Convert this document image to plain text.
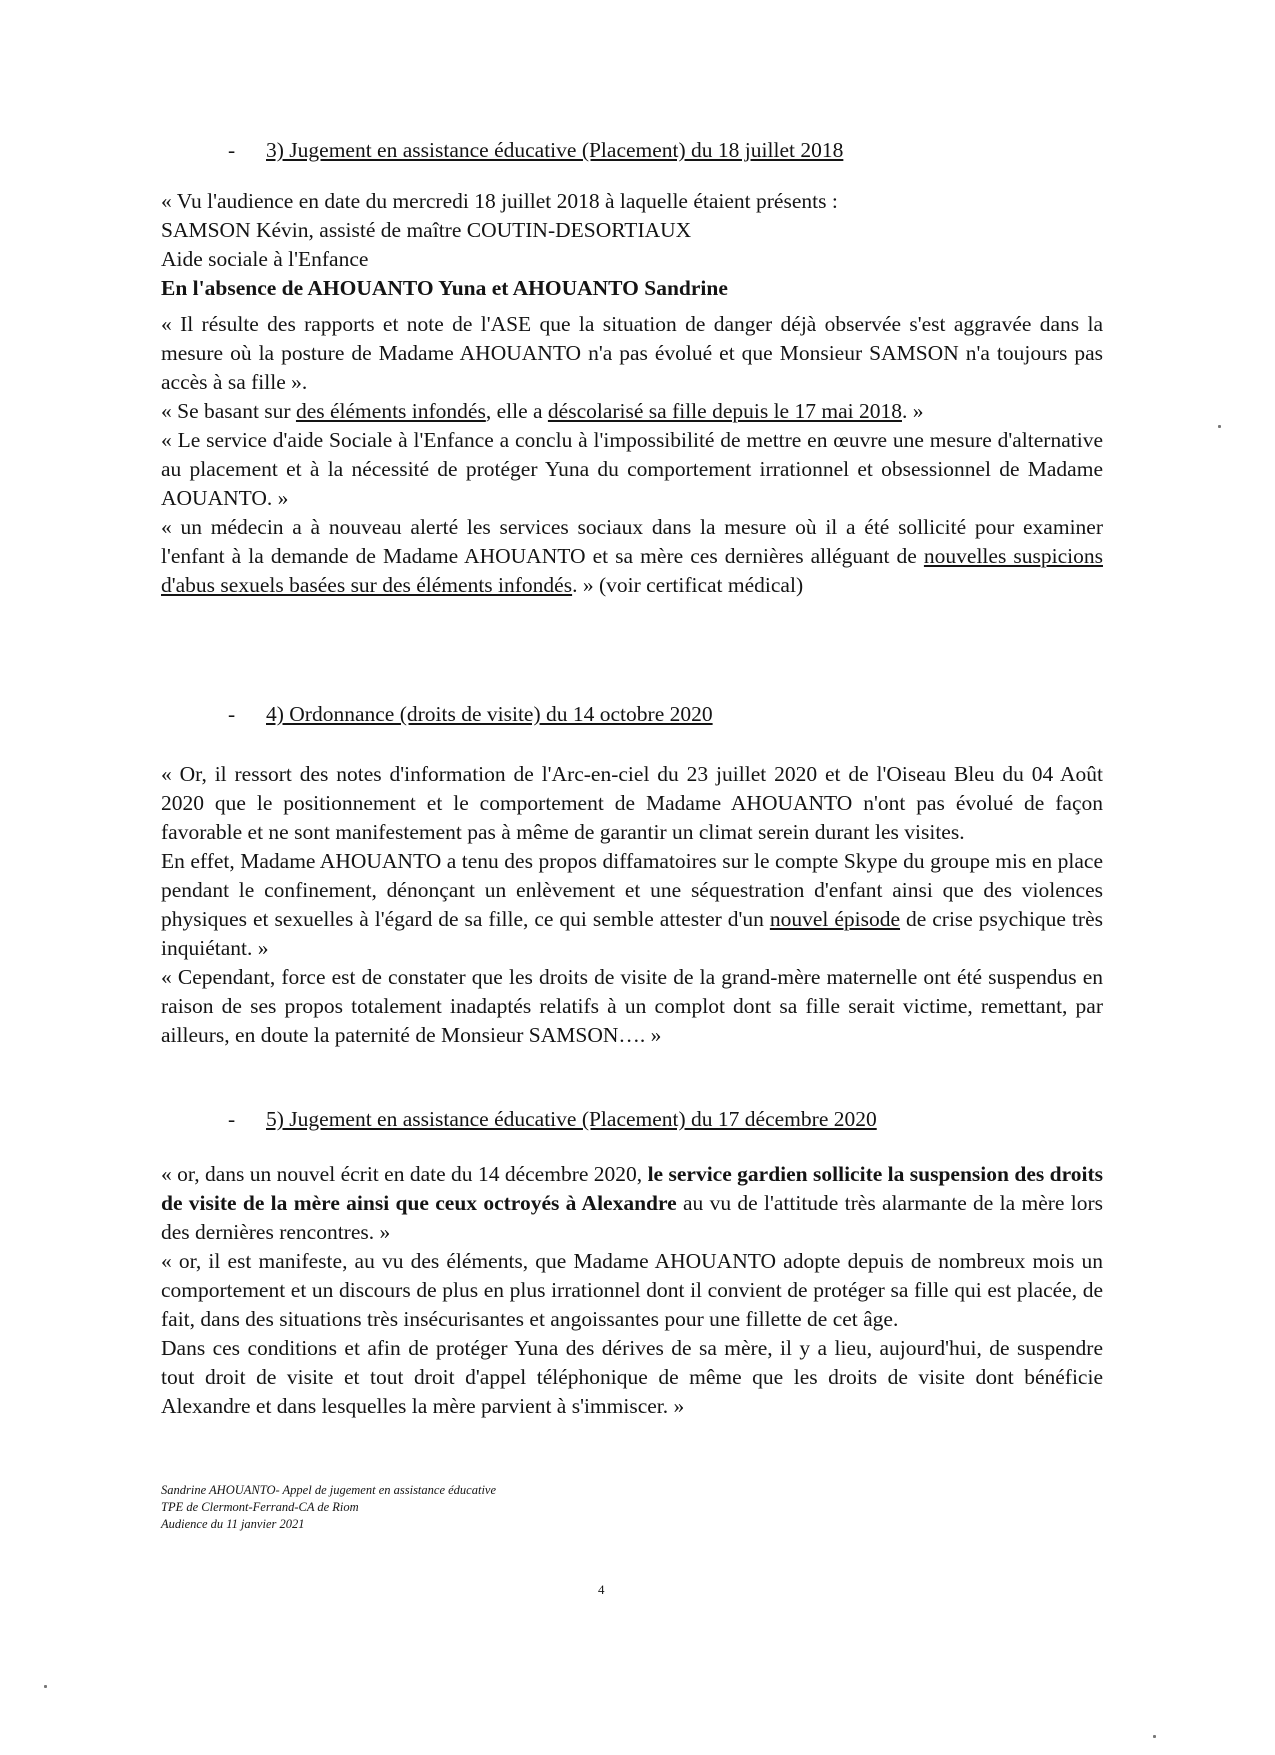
- 3) Jugement en assistance éducative (Placement) du 18 juillet 2018

« Vu l'audience en date du mercredi 18 juillet 2018 à laquelle étaient présents :

SAMSON Kévin, assisté de maître COUTIN-DESORTIAUX

Aide sociale à l'Enfance

En l'absence de AHOUANTO Yuna et AHOUANTO Sandrine

« Il résulte des rapports et note de l'ASE que la situation de danger déjà observée s'est aggravée dans la mesure où la posture de Madame AHOUANTO n'a pas évolué et que Monsieur SAMSON n'a toujours pas accès à sa fille ».

« Se basant sur des éléments infondés, elle a déscolarisé sa fille depuis le 17 mai 2018. »

« Le service d'aide Sociale à l'Enfance a conclu à l'impossibilité de mettre en œuvre une mesure d'alternative au placement et à la nécessité de protéger Yuna du comportement irrationnel et obsessionnel de Madame AOUANTO. »

« un médecin a à nouveau alerté les services sociaux dans la mesure où il a été sollicité pour examiner l'enfant à la demande de Madame AHOUANTO et sa mère ces dernières alléguant de nouvelles suspicions d'abus sexuels basées sur des éléments infondés. » (voir certificat médical)

- 4) Ordonnance (droits de visite) du 14 octobre 2020

« Or, il ressort des notes d'information de l'Arc-en-ciel du 23 juillet 2020 et de l'Oiseau Bleu du 04 Août 2020 que le positionnement et le comportement de Madame AHOUANTO n'ont pas évolué de façon favorable et ne sont manifestement pas à même de garantir un climat serein durant les visites.

En effet, Madame AHOUANTO a tenu des propos diffamatoires sur le compte Skype du groupe mis en place pendant le confinement, dénonçant un enlèvement et une séquestration d'enfant ainsi que des violences physiques et sexuelles à l'égard de sa fille, ce qui semble attester d'un nouvel épisode de crise psychique très inquiétant. »

« Cependant, force est de constater que les droits de visite de la grand-mère maternelle ont été suspendus en raison de ses propos totalement inadaptés relatifs à un complot dont sa fille serait victime, remettant, par ailleurs, en doute la paternité de Monsieur SAMSON…. »

- 5) Jugement en assistance éducative (Placement) du 17 décembre 2020

« or, dans un nouvel écrit en date du 14 décembre 2020, le service gardien sollicite la suspension des droits de visite de la mère ainsi que ceux octroyés à Alexandre au vu de l'attitude très alarmante de la mère lors des dernières rencontres. »

« or, il est manifeste, au vu des éléments, que Madame AHOUANTO adopte depuis de nombreux mois un comportement et un discours de plus en plus irrationnel dont il convient de protéger sa fille qui est placée, de fait, dans des situations très insécurisantes et angoissantes pour une fillette de cet âge.

Dans ces conditions et afin de protéger Yuna des dérives de sa mère, il y a lieu, aujourd'hui, de suspendre tout droit de visite et tout droit d'appel téléphonique de même que les droits de visite dont bénéficie Alexandre et dans lesquelles la mère parvient à s'immiscer. »

Sandrine AHOUANTO- Appel de jugement en assistance éducative
TPE de Clermont-Ferrand-CA de Riom
Audience du 11 janvier 2021
4
